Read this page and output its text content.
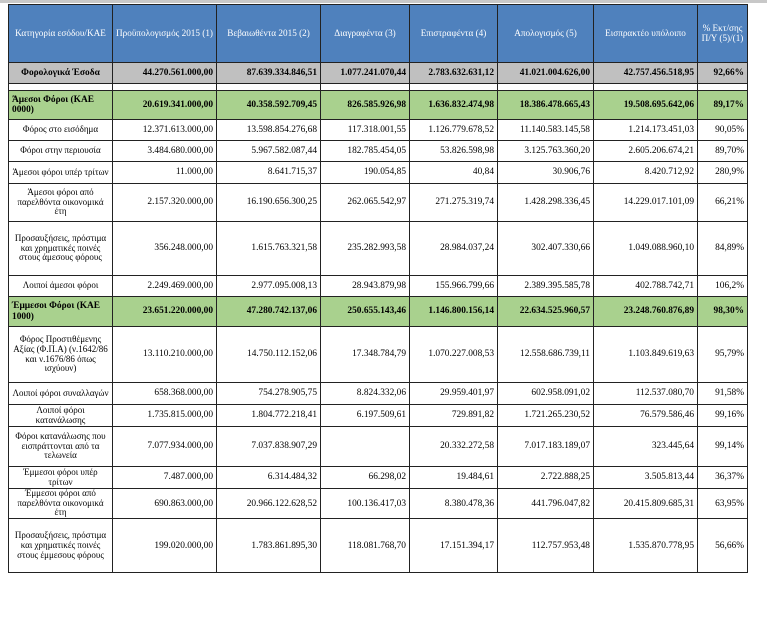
Κατηγορία εσόδου/ΚΑΕ	Προϋπολογισμός 2015 (1)	Βεβαιωθέντα 2015 (2)	Διαγραφέντα (3)	Επιστραφέντα (4)	Απολογισμός (5)	Εισπρακτέο υπόλοιπο	% Εκτ/σης Π/Υ (5)/(1)
Φορολογικά Έσοδα	44.270.561.000,00	87.639.334.846,51	1.077.241.070,44	2.783.632.631,12	41.021.004.626,00	42.757.456.518,95	92,66%

Άμεσοι Φόροι (ΚΑΕ 0000)	20.619.341.000,00	40.358.592.709,45	826.585.926,98	1.636.832.474,98	18.386.478.665,43	19.508.695.642,06	89,17%
Φόρος στο εισόδημα	12.371.613.000,00	13.598.854.276,68	117.318.001,55	1.126.779.678,52	11.140.583.145,58	1.214.173.451,03	90,05%
Φόροι στην περιουσία	3.484.680.000,00	5.967.582.087,44	182.785.454,05	53.826.598,98	3.125.763.360,20	2.605.206.674,21	89,70%
Άμεσοι φόροι υπέρ τρίτων	11.000,00	8.641.715,37	190.054,85	40,84	30.906,76	8.420.712,92	280,9%
Άμεσοι φόροι από παρελθόντα οικονομικά έτη	2.157.320.000,00	16.190.656.300,25	262.065.542,97	271.275.319,74	1.428.298.336,45	14.229.017.101,09	66,21%
Προσαυξήσεις, πρόστιμα και χρηματικές ποινές στους άμεσους φόρους	356.248.000,00	1.615.763.321,58	235.282.993,58	28.984.037,24	302.407.330,66	1.049.088.960,10	84,89%
Λοιποί άμεσοι φόροι	2.249.469.000,00	2.977.095.008,13	28.943.879,98	155.966.799,66	2.389.395.585,78	402.788.742,71	106,2%
Έμμεσοι Φόροι (ΚΑΕ 1000)	23.651.220.000,00	47.280.742.137,06	250.655.143,46	1.146.800.156,14	22.634.525.960,57	23.248.760.876,89	98,30%
Φόρος Προστιθέμενης Αξίας (Φ.Π.Α) (ν.1642/86 και ν.1676/86 όπως ισχύουν)	13.110.210.000,00	14.750.112.152,06	17.348.784,79	1.070.227.008,53	12.558.686.739,11	1.103.849.619,63	95,79%
Λοιποί φόροι συναλλαγών	658.368.000,00	754.278.905,75	8.824.332,06	29.959.401,97	602.958.091,02	112.537.080,70	91,58%
Λοιποί φόροι κατανάλωσης	1.735.815.000,00	1.804.772.218,41	6.197.509,61	729.891,82	1.721.265.230,52	76.579.586,46	99,16%
Φόροι κατανάλωσης που εισπράττονται από τα τελωνεία	7.077.934.000,00	7.037.838.907,29		20.332.272,58	7.017.183.189,07	323.445,64	99,14%
Έμμεσοι φόροι υπέρ τρίτων	7.487.000,00	6.314.484,32	66.298,02	19.484,61	2.722.888,25	3.505.813,44	36,37%
Έμμεσοι φόροι από παρελθόντα οικονομικά έτη	690.863.000,00	20.966.122.628,52	100.136.417,03	8.380.478,36	441.796.047,82	20.415.809.685,31	63,95%
Προσαυξήσεις, πρόστιμα και χρηματικές ποινές στους έμμεσους φόρους	199.020.000,00	1.783.861.895,30	118.081.768,70	17.151.394,17	112.757.953,48	1.535.870.778,95	56,66%
